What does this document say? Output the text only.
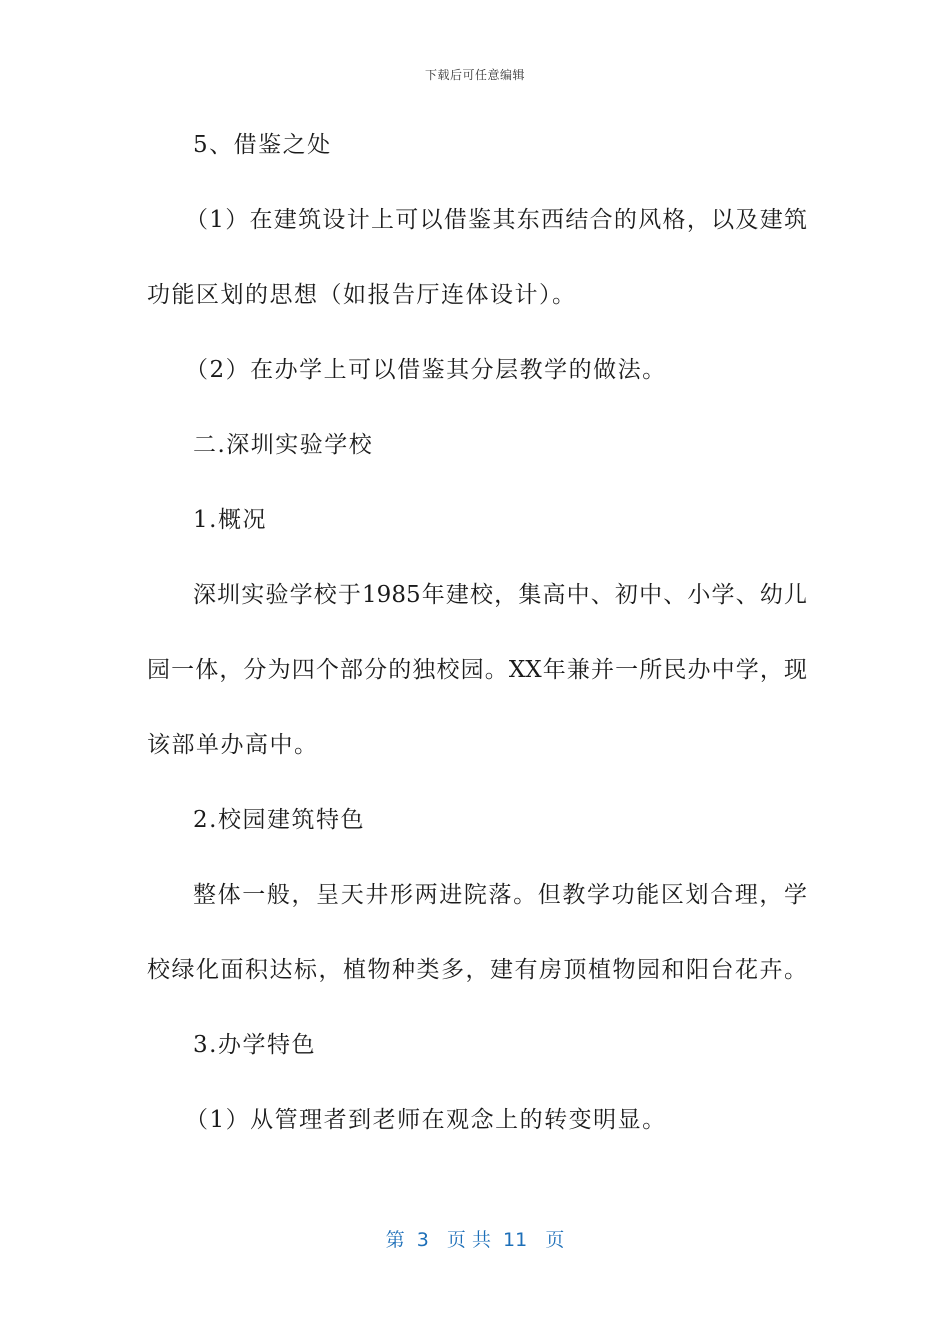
下载后可任意编辑
5、借鉴之处
（1）在建筑设计上可以借鉴其东西结合的风格，以及建筑
功能区划的思想（如报告厅连体设计）。
（2）在办学上可以借鉴其分层教学的做法。
二.深圳实验学校
1.概况
深圳实验学校于1985年建校，集高中、初中、小学、幼儿
园一体，分为四个部分的独校园。XX年兼并一所民办中学，现
该部单办高中。
2.校园建筑特色
整体一般，呈天井形两进院落。但教学功能区划合理，学
校绿化面积达标，植物种类多，建有房顶植物园和阳台花卉。
3.办学特色
（1）从管理者到老师在观念上的转变明显。
第  3   页 共  11   页
